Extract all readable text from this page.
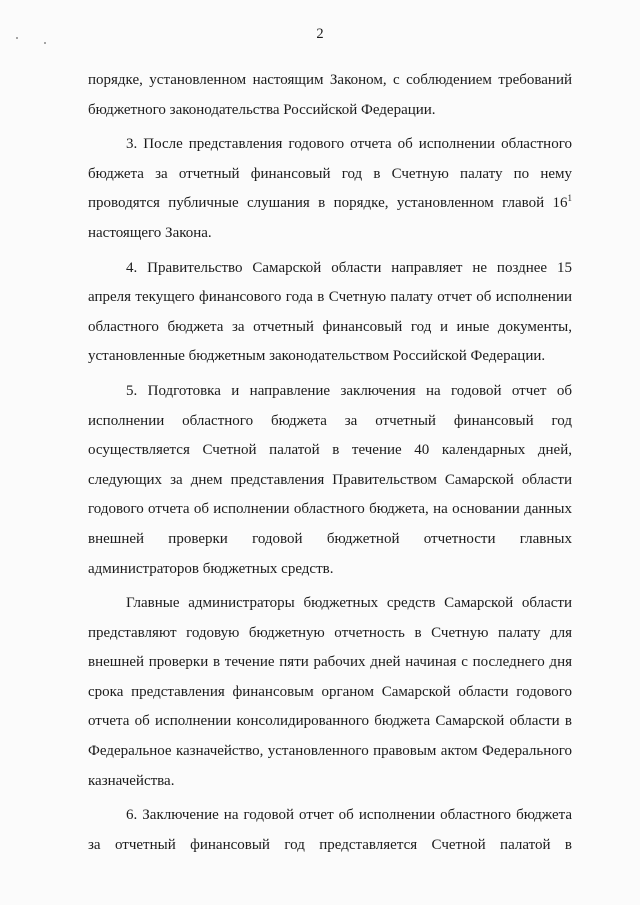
2

порядке, установленном настоящим Законом, с соблюдением требований бюджетного законодательства Российской Федерации.

3. После представления годового отчета об исполнении областного бюджета за отчетный финансовый год в Счетную палату по нему проводятся публичные слушания в порядке, установленном главой $16^1$ настоящего Закона.

4. Правительство Самарской области направляет не позднее 15 апреля текущего финансового года в Счетную палату отчет об исполнении областного бюджета за отчетный финансовый год и иные документы, установленные бюджетным законодательством Российской Федерации.

5. Подготовка и направление заключения на годовой отчет об исполнении областного бюджета за отчетный финансовый год осуществляется Счетной палатой в течение 40 календарных дней, следующих за днем представления Правительством Самарской области годового отчета об исполнении областного бюджета, на основании данных внешней проверки годовой бюджетной отчетности главных администраторов бюджетных средств.

Главные администраторы бюджетных средств Самарской области представляют годовую бюджетную отчетность в Счетную палату для внешней проверки в течение пяти рабочих дней начиная с последнего дня срока представления финансовым органом Самарской области годового отчета об исполнении консолидированного бюджета Самарской области в Федеральное казначейство, установленного правовым актом Федерального казначейства.

6. Заключение на годовой отчет об исполнении областного бюджета за отчетный финансовый год представляется Счетной палатой в
